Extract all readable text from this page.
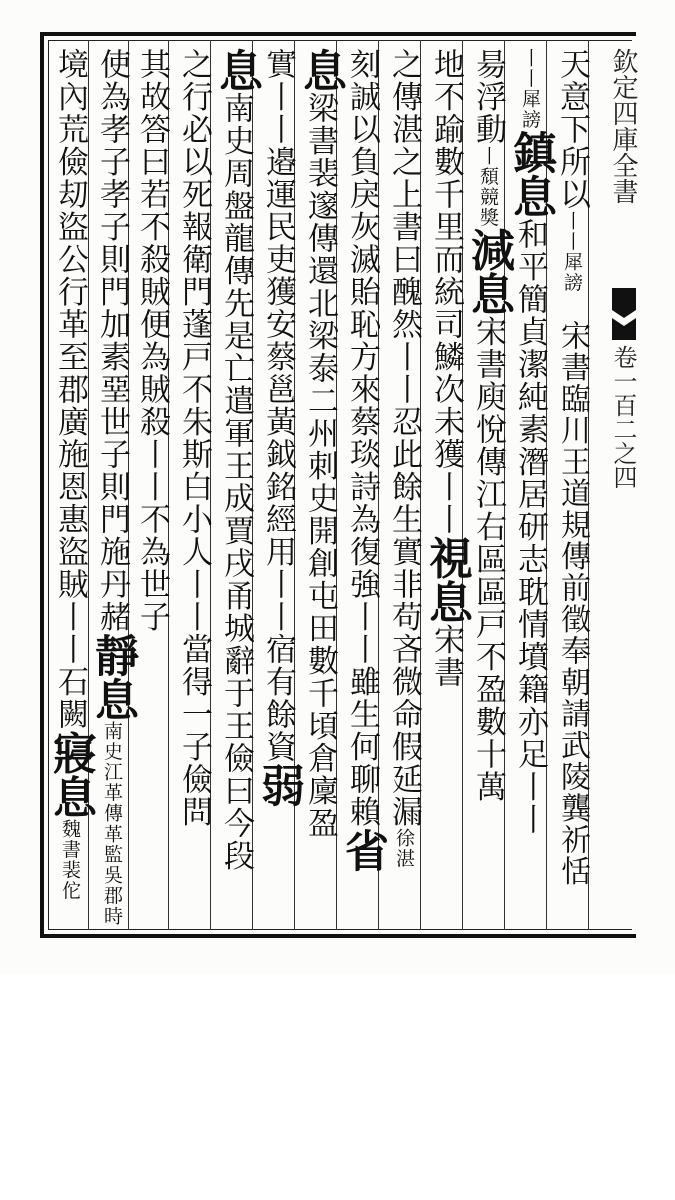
天意下所以丨丨犀謗
宋書臨川王道規傳前徵奉朝請武陵龔祈恬
丨丨犀謗鎮息和平簡貞潔純素潛居研志耽情墳籍亦足丨丨
昜浮動丨頹競獎減息宋書庾悅傳江右區區戸不盈數十萬
地不踰數千里而統司鱗次未獲丨丨視息宋書
之傳湛之上書曰醜然丨丨忍此餘生實非苟吝微命假延漏徐湛
刻誠以負戾灰滅貽恥方來蔡琰詩為復強丨丨雖生何聊賴省
息梁書裴邃傳還北梁泰二州刺史開創屯田數千頃倉廩盈
實丨丨邉運民吏獲安蔡邕黃鉞銘經用丨丨宿有餘資弱
息南史周盤龍傳先是亡遣軍王成賈戌甬城辭于王儉曰今段
之行必以死報衛門蓬戸不朱斯白小人丨丨當得一子儉問
其故答曰若不殺賊便為賊殺丨丨不為世子
使為孝子孝子則門加素堊世子則門施丹赭靜息南史江革傳革監吳郡時
境內荒儉刧盜公行革至郡廣施恩惠盜賊丨丨石闕寢息魏書裴佗
欽定四庫全書
卷一百二之四
